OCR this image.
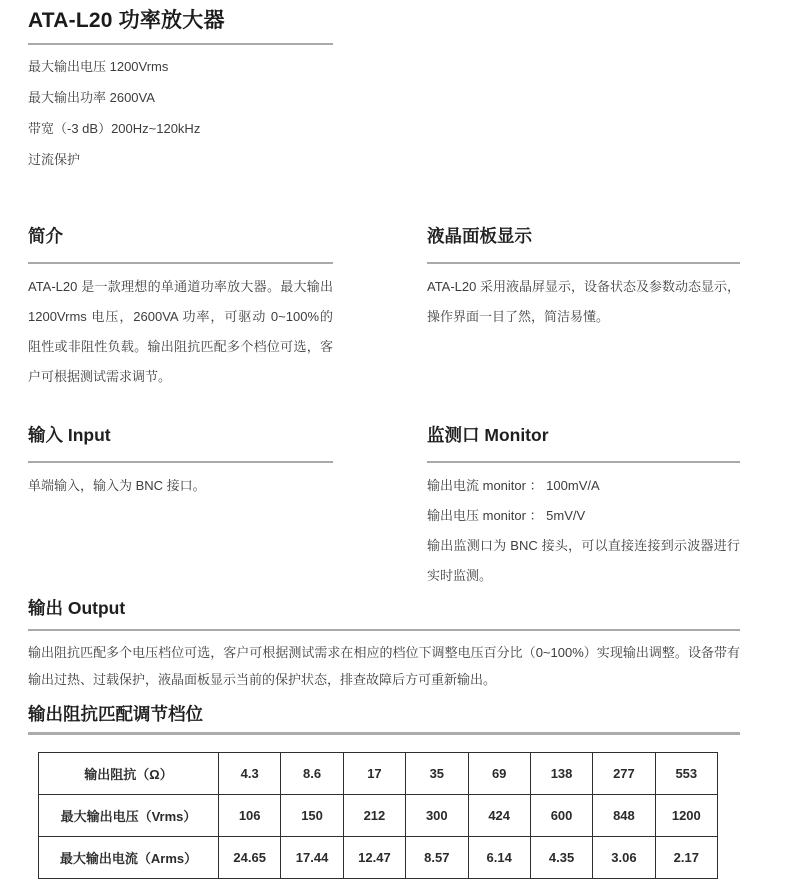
ATA-L20 功率放大器

最大输出电压 1200Vrms

最大输出功率 2600VA

带宽（-3 dB）200Hz~120kHz

过流保护

简介

ATA-L20 是一款理想的单通道功率放大器。最大输出 1200Vrms 电压，2600VA 功率，可驱动 0~100%的阻性或非阻性负载。输出阻抗匹配多个档位可选，客户可根据测试需求调节。

液晶面板显示

ATA-L20 采用液晶屏显示，设备状态及参数动态显示，操作界面一目了然，简洁易懂。

输入 Input

单端输入，输入为 BNC 接口。

监测口 Monitor

输出电流 monitor ： 100mV/A

输出电压 monitor ： 5mV/V

输出监测口为 BNC 接头，可以直接连接到示波器进行实时监测。

输出 Output

输出阻抗匹配多个电压档位可选，客户可根据测试需求在相应的档位下调整电压百分比（0~100%）实现输出调整。设备带有输出过热、过载保护，液晶面板显示当前的保护状态，排查故障后方可重新输出。

输出阻抗匹配调节档位
输出阻抗（Ω）	4.3	8.6	17	35	69	138	277	553
最大输出电压（Vrms）	106	150	212	300	424	600	848	1200
最大输出电流（Arms）	24.65	17.44	12.47	8.57	6.14	4.35	3.06	2.17
